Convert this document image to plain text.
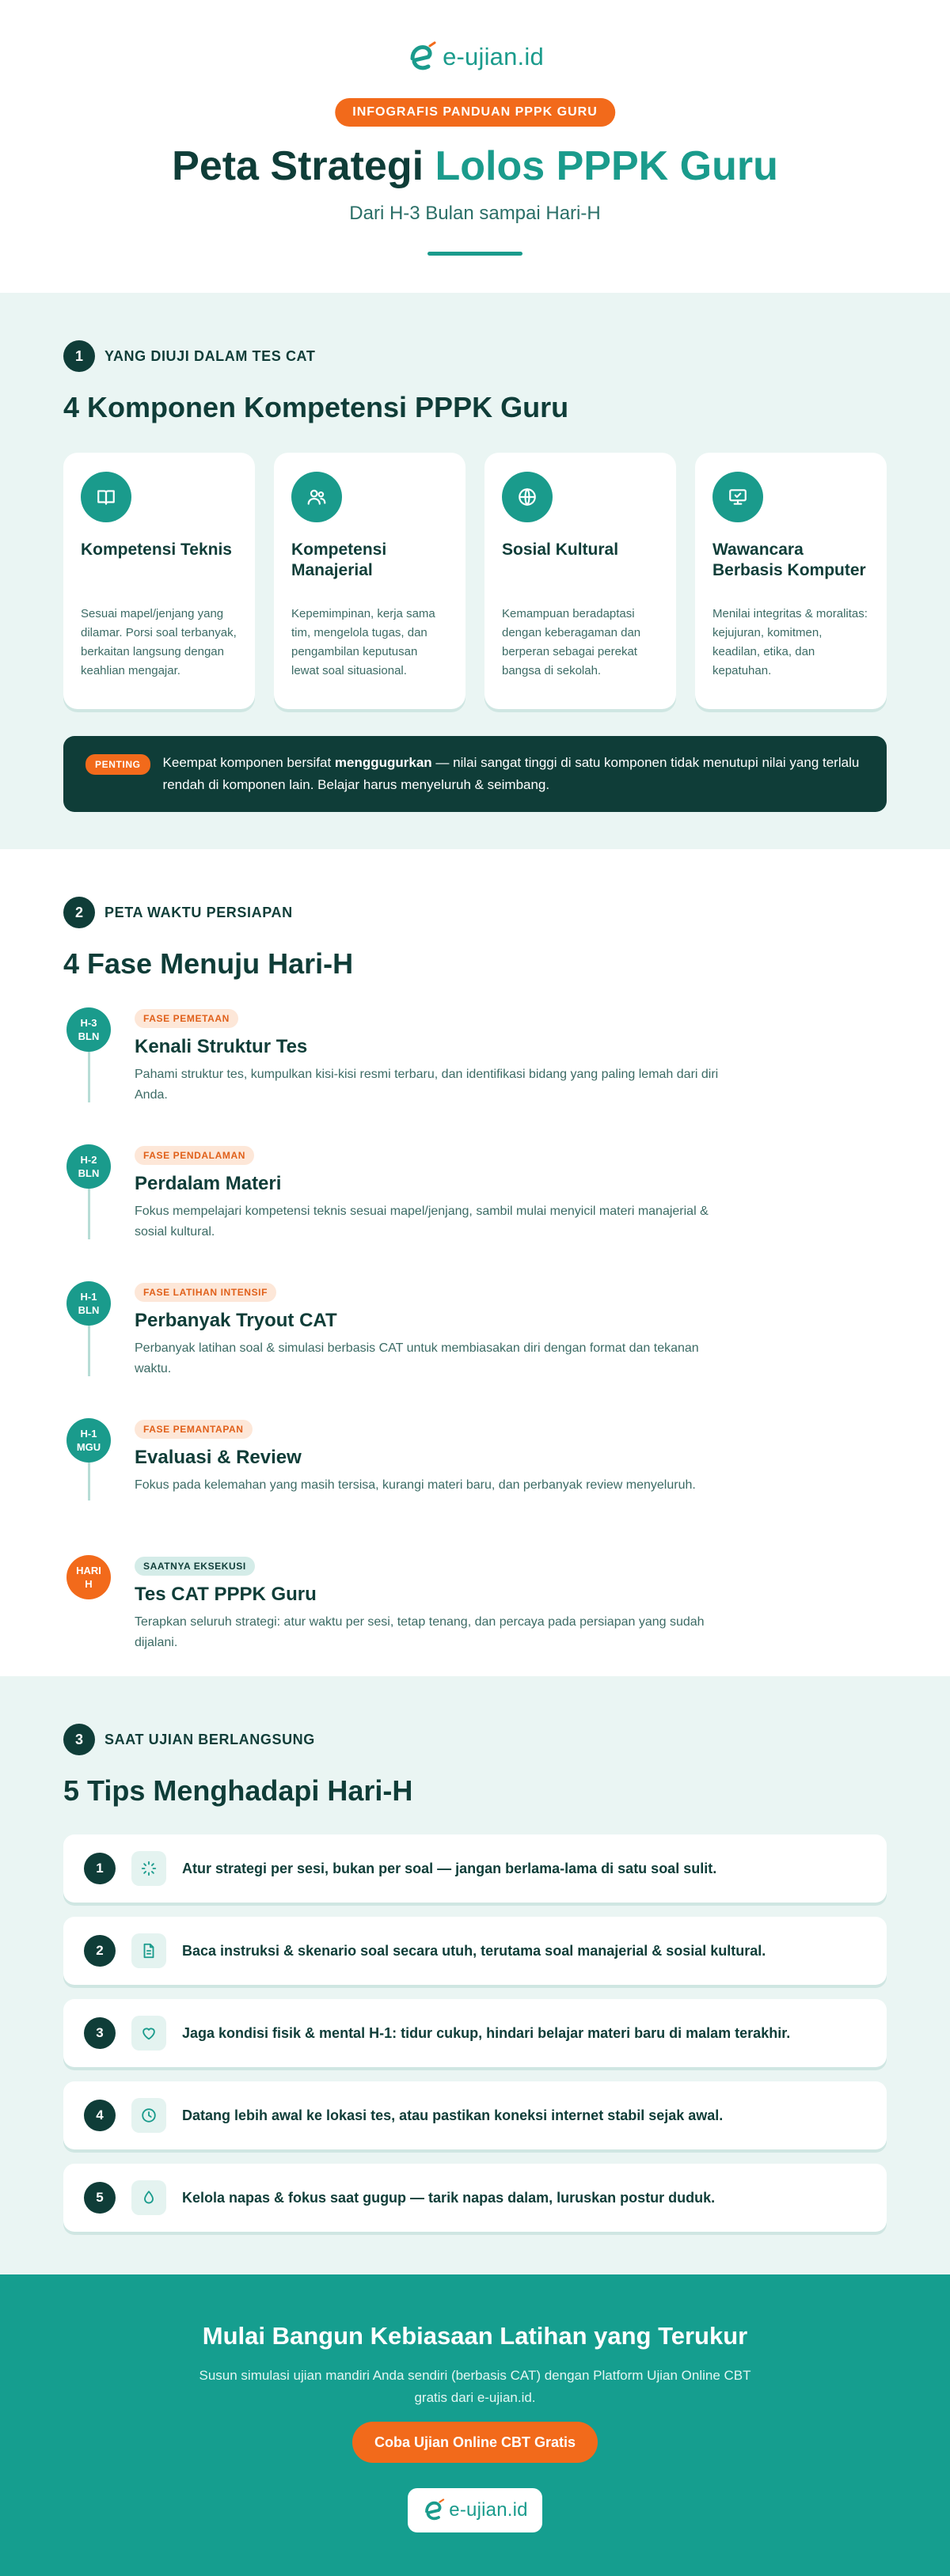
e-ujian.id
INFOGRAFIS PANDUAN PPPK GURU
Peta Strategi Lolos PPPK Guru
Dari H-3 Bulan sampai Hari-H
1	YANG DIUJI DALAM TES CAT
4 Komponen Kompetensi PPPK Guru
Kompetensi Teknis
Sesuai mapel/jenjang yang dilamar. Porsi soal terbanyak, berkaitan langsung dengan keahlian mengajar.
Kompetensi Manajerial
Kepemimpinan, kerja sama tim, mengelola tugas, dan pengambilan keputusan lewat soal situasional.
Sosial Kultural
Kemampuan beradaptasi dengan keberagaman dan berperan sebagai perekat bangsa di sekolah.
Wawancara Berbasis Komputer
Menilai integritas & moralitas: kejujuran, komitmen, keadilan, etika, dan kepatuhan.
PENTING	Keempat komponen bersifat menggugurkan — nilai sangat tinggi di satu komponen tidak menutupi nilai yang terlalu rendah di komponen lain. Belajar harus menyeluruh & seimbang.

2	PETA WAKTU PERSIAPAN
4 Fase Menuju Hari-H
H-3
BLN
FASE PEMETAAN
Kenali Struktur Tes
Pahami struktur tes, kumpulkan kisi-kisi resmi terbaru, dan identifikasi bidang yang paling lemah dari diri Anda.
H-2
BLN
FASE PENDALAMAN
Perdalam Materi
Fokus mempelajari kompetensi teknis sesuai mapel/jenjang, sambil mulai menyicil materi manajerial & sosial kultural.
H-1
BLN
FASE LATIHAN INTENSIF
Perbanyak Tryout CAT
Perbanyak latihan soal & simulasi berbasis CAT untuk membiasakan diri dengan format dan tekanan waktu.
H-1
MGU
FASE PEMANTAPAN
Evaluasi & Review
Fokus pada kelemahan yang masih tersisa, kurangi materi baru, dan perbanyak review menyeluruh.
HARI
H
SAATNYA EKSEKUSI
Tes CAT PPPK Guru
Terapkan seluruh strategi: atur waktu per sesi, tetap tenang, dan percaya pada persiapan yang sudah dijalani.
3	SAAT UJIAN BERLANGSUNG
5 Tips Menghadapi Hari-H
1	Atur strategi per sesi, bukan per soal — jangan berlama-lama di satu soal sulit.
2	Baca instruksi & skenario soal secara utuh, terutama soal manajerial & sosial kultural.
3	Jaga kondisi fisik & mental H-1: tidur cukup, hindari belajar materi baru di malam terakhir.
4	Datang lebih awal ke lokasi tes, atau pastikan koneksi internet stabil sejak awal.
5	Kelola napas & fokus saat gugup — tarik napas dalam, luruskan postur duduk.
Mulai Bangun Kebiasaan Latihan yang Terukur

Susun simulasi ujian mandiri Anda sendiri (berbasis CAT) dengan Platform Ujian Online CBT gratis dari e-ujian.id.

Coba Ujian Online CBT Gratis
e-ujian.id
